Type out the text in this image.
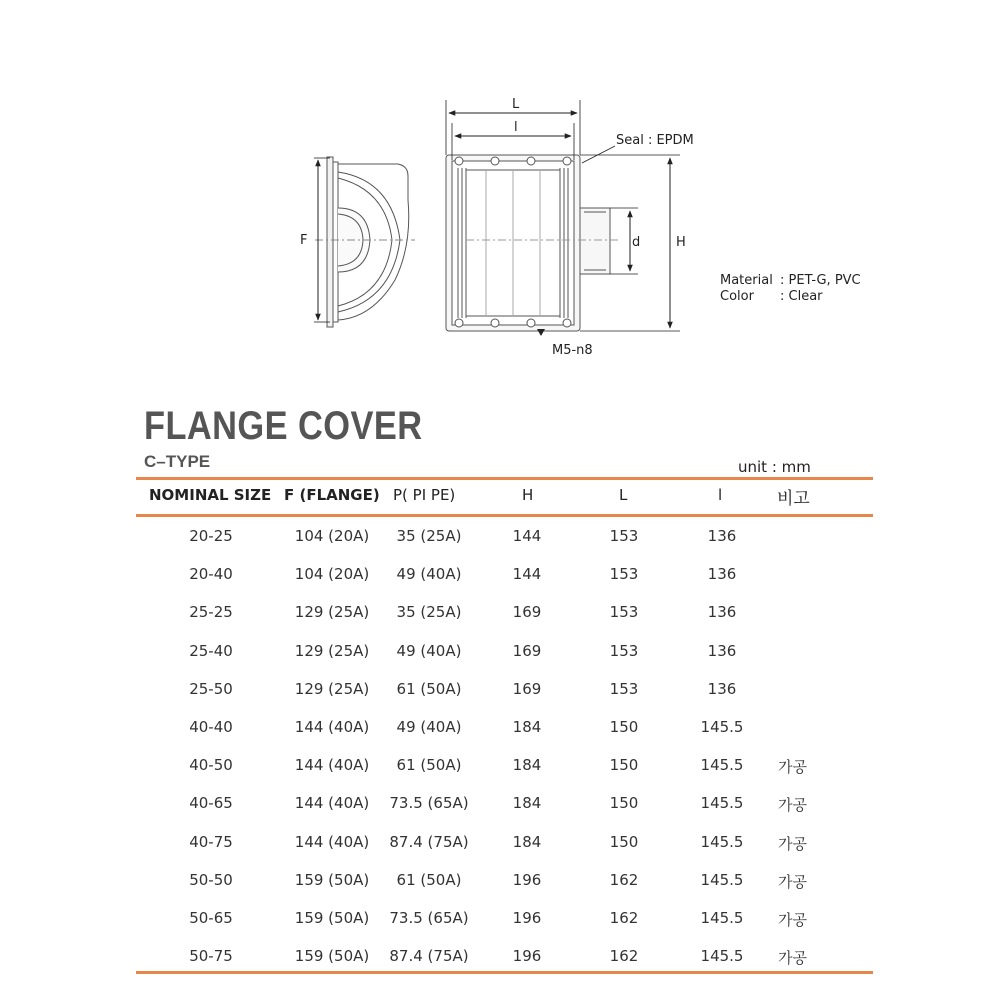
F
L
l
Seal : EPDM
d	H
M5-n8
Material : PET-G, PVC
Color : Clear
FLANGE COVER
C–TYPE	unit : mm
NOMINAL SIZE F (FLANGE) P( PI PE)	H	L	l	비고
20-25	104 (20A) 35 (25A)	144	153	136
20-40	104 (20A) 49 (40A)	144	153	136
25-25	129 (25A) 35 (25A)	169	153	136
25-40	129 (25A) 49 (40A)	169	153	136
25-50	129 (25A) 61 (50A)	169	153	136
40-40	144 (40A) 49 (40A)	184	150	145.5
40-50	144 (40A) 61 (50A)	184	150	145.5 가공
40-65	144 (40A) 73.5 (65A)	184	150	145.5 가공
40-75	144 (40A) 87.4 (75A)	184	150	145.5 가공
50-50	159 (50A) 61 (50A)	196	162	145.5 가공
50-65	159 (50A) 73.5 (65A)	196	162	145.5 가공
50-75	159 (50A) 87.4 (75A)	196	162	145.5 가공
